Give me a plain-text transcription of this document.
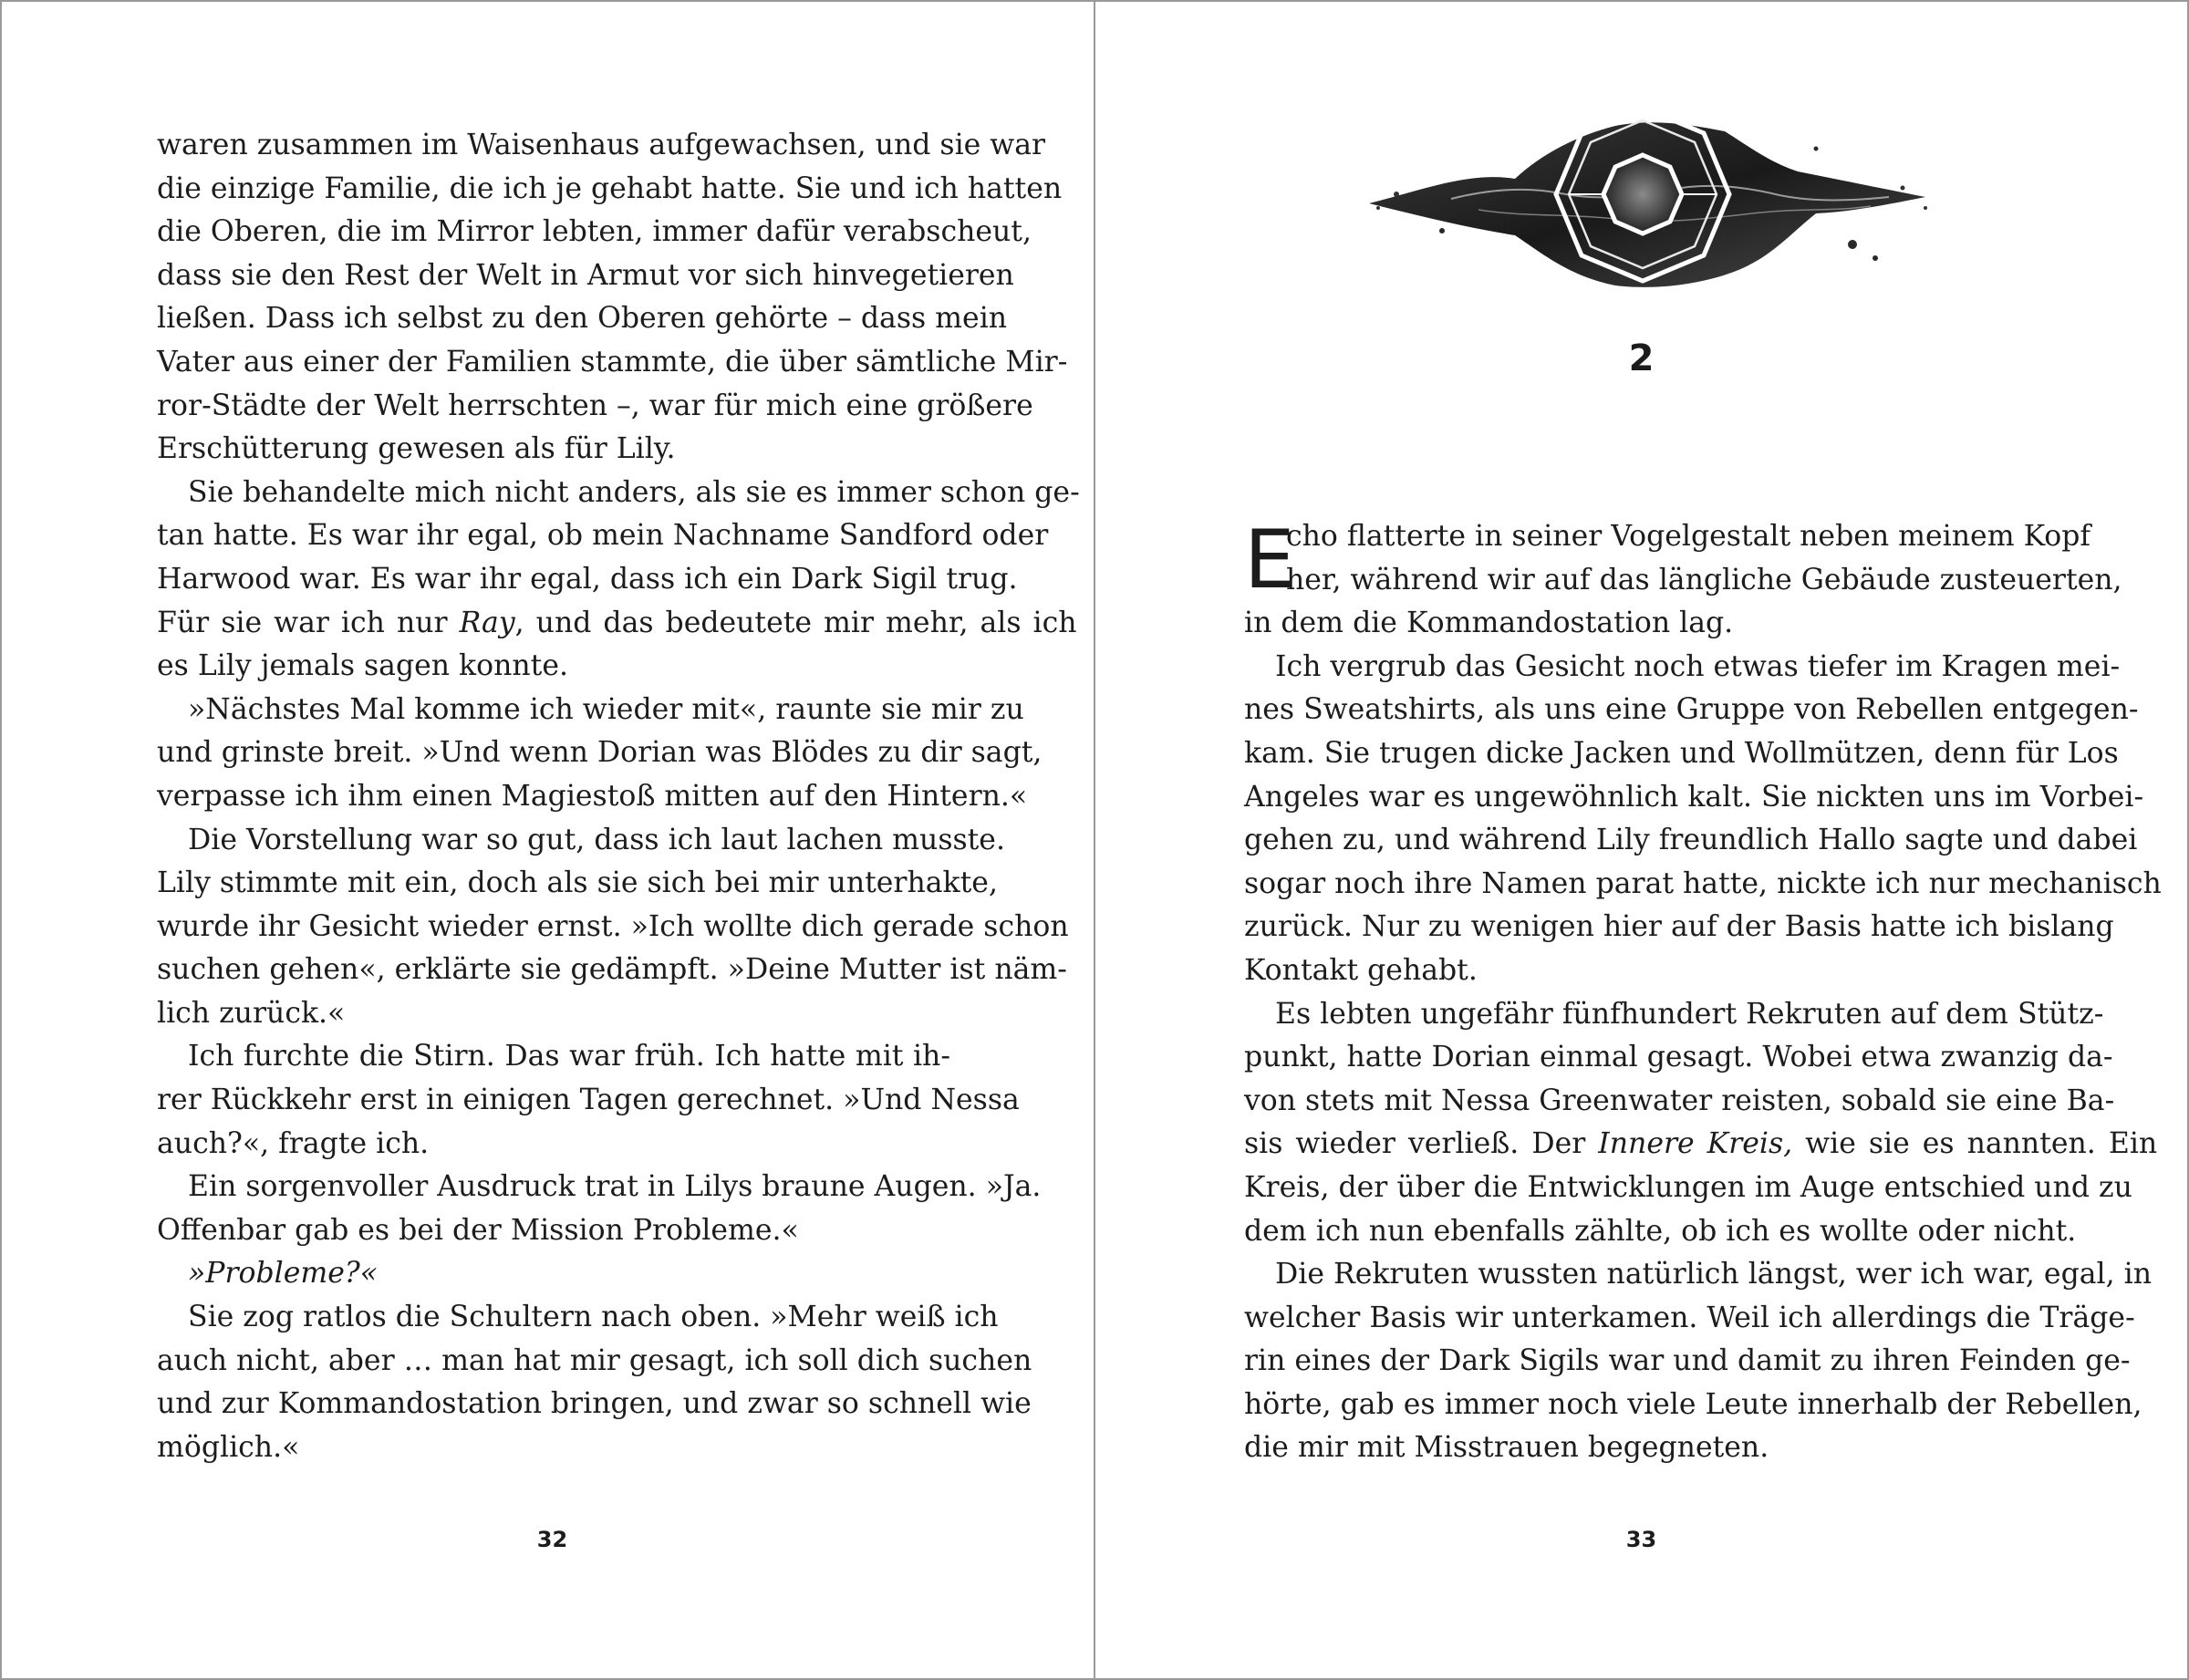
waren zusammen im Waisenhaus aufgewachsen, und sie war
die einzige Familie, die ich je gehabt hatte. Sie und ich hatten
die Oberen, die im Mirror lebten, immer dafür verabscheut,
dass sie den Rest der Welt in Armut vor sich hinvegetieren
ließen. Dass ich selbst zu den Oberen gehörte – dass mein
Vater aus einer der Familien stammte, die über sämtliche Mir-
ror-Städte der Welt herrschten –, war für mich eine größere
Erschütterung gewesen als für Lily.
Sie behandelte mich nicht anders, als sie es immer schon ge-
tan hatte. Es war ihr egal, ob mein Nachname Sandford oder
Harwood war. Es war ihr egal, dass ich ein Dark Sigil trug.
Für sie war ich nur Ray, und das bedeutete mir mehr, als ich
es Lily jemals sagen konnte.
»Nächstes Mal komme ich wieder mit«, raunte sie mir zu
und grinste breit. »Und wenn Dorian was Blödes zu dir sagt,
verpasse ich ihm einen Magiestoß mitten auf den Hintern.«
Die Vorstellung war so gut, dass ich laut lachen musste.
Lily stimmte mit ein, doch als sie sich bei mir unterhakte,
wurde ihr Gesicht wieder ernst. »Ich wollte dich gerade schon
suchen gehen«, erklärte sie gedämpft. »Deine Mutter ist näm-
lich zurück.«
Ich furchte die Stirn. Das war früh. Ich hatte mit ih-
rer Rückkehr erst in einigen Tagen gerechnet. »Und Nessa
auch?«, fragte ich.
Ein sorgenvoller Ausdruck trat in Lilys braune Augen. »Ja.
Offenbar gab es bei der Mission Probleme.«
»Probleme?«
Sie zog ratlos die Schultern nach oben. »Mehr weiß ich
auch nicht, aber … man hat mir gesagt, ich soll dich suchen
und zur Kommandostation bringen, und zwar so schnell wie
möglich.«
32
2
E
cho flatterte in seiner Vogelgestalt neben meinem Kopf
her, während wir auf das längliche Gebäude zusteuerten,
in dem die Kommandostation lag.
Ich vergrub das Gesicht noch etwas tiefer im Kragen mei-
nes Sweatshirts, als uns eine Gruppe von Rebellen entgegen-
kam. Sie trugen dicke Jacken und Wollmützen, denn für Los
Angeles war es ungewöhnlich kalt. Sie nickten uns im Vorbei-
gehen zu, und während Lily freundlich Hallo sagte und dabei
sogar noch ihre Namen parat hatte, nickte ich nur mechanisch
zurück. Nur zu wenigen hier auf der Basis hatte ich bislang
Kontakt gehabt.
Es lebten ungefähr fünfhundert Rekruten auf dem Stütz-
punkt, hatte Dorian einmal gesagt. Wobei etwa zwanzig da-
von stets mit Nessa Greenwater reisten, sobald sie eine Ba-
sis wieder verließ. Der Innere Kreis, wie sie es nannten. Ein
Kreis, der über die Entwicklungen im Auge entschied und zu
dem ich nun ebenfalls zählte, ob ich es wollte oder nicht.
Die Rekruten wussten natürlich längst, wer ich war, egal, in
welcher Basis wir unterkamen. Weil ich allerdings die Träge-
rin eines der Dark Sigils war und damit zu ihren Feinden ge-
hörte, gab es immer noch viele Leute innerhalb der Rebellen,
die mir mit Misstrauen begegneten.
33
